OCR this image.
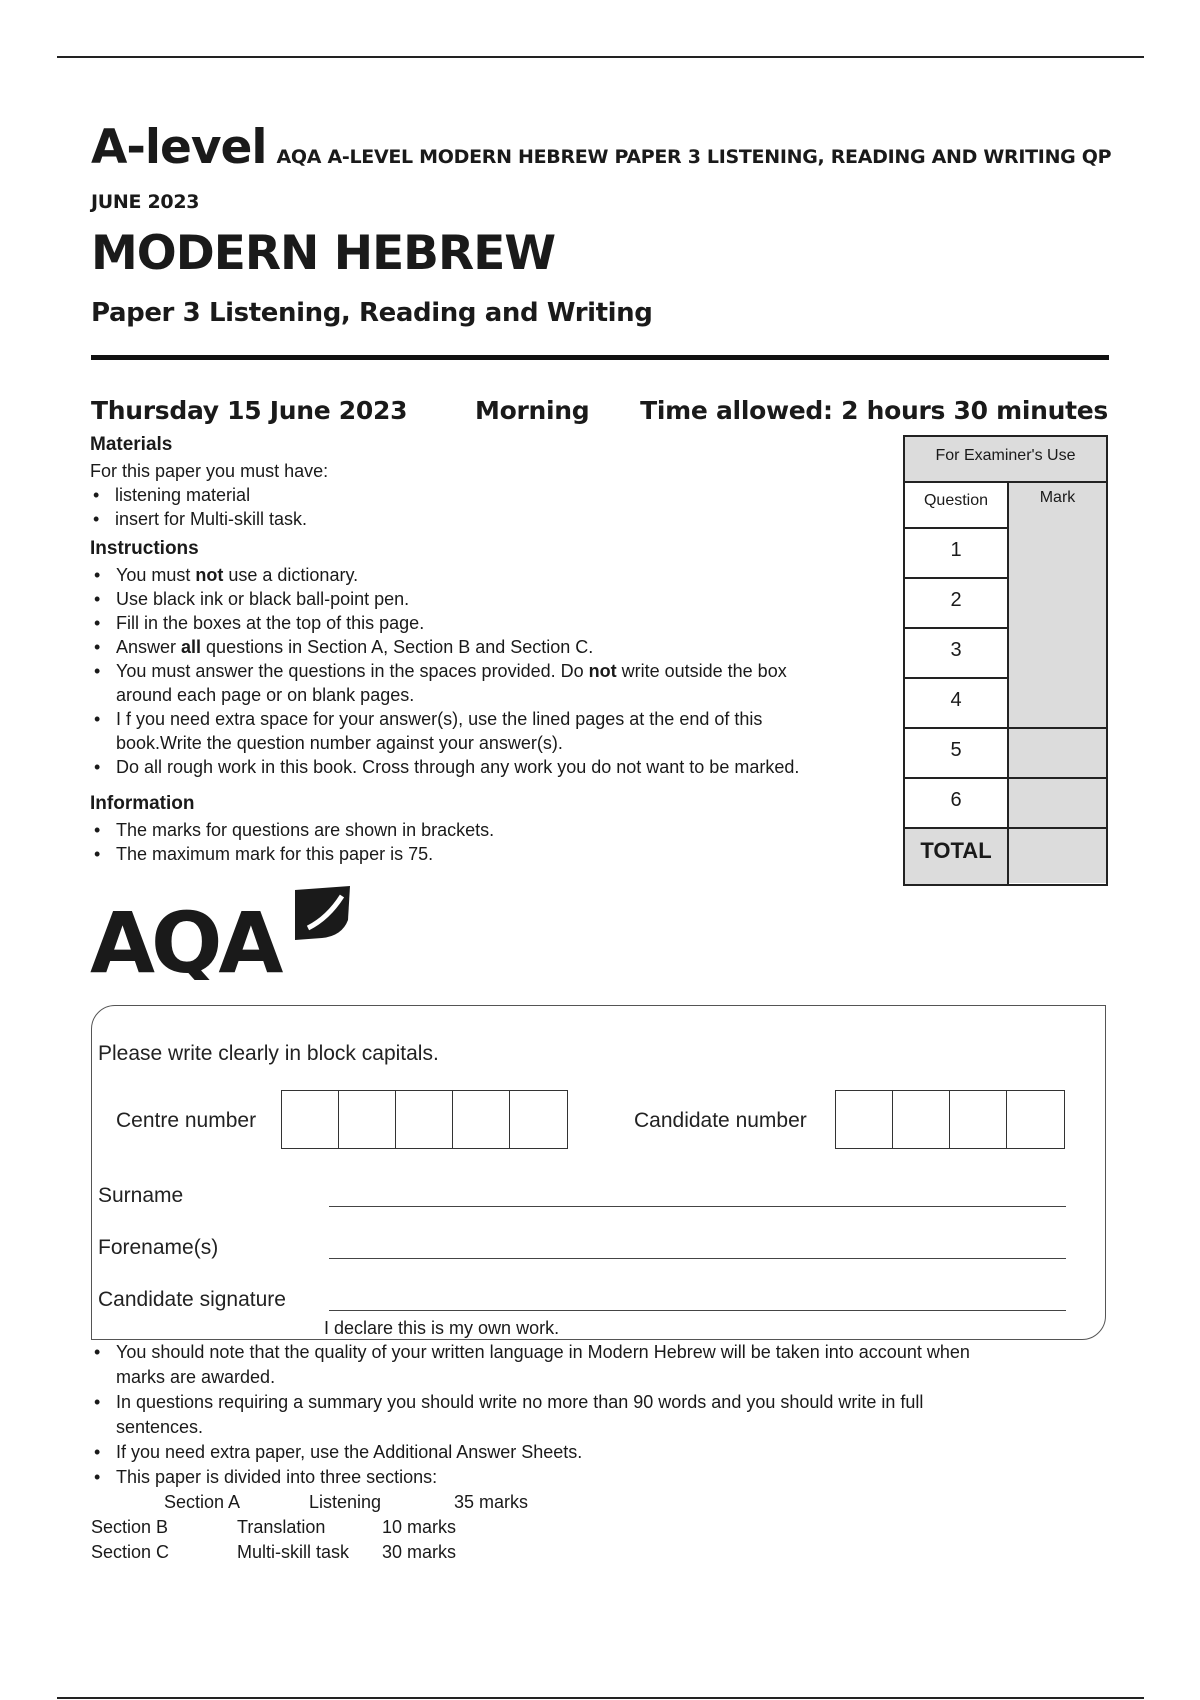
A-level AQA A-LEVEL MODERN HEBREW PAPER 3 LISTENING, READING AND WRITING QP
JUNE 2023
MODERN HEBREW
Paper 3 Listening, Reading and Writing
Thursday 15 June 2023	Morning Time allowed: 2 hours 30 minutes
Materials
For this paper you must have:
• listening material
• insert for Multi-skill task.
Instructions
• You must not use a dictionary.
• Use black ink or black ball-point pen.
• Fill in the boxes at the top of this page.
• Answer all questions in Section A, Section B and Section C.
• You must answer the questions in the spaces provided. Do not write outside the box
around each page or on blank pages.
• I f you need extra space for your answer(s), use the lined pages at the end of this
book.Write the question number against your answer(s).
• Do all rough work in this book. Cross through any work you do not want to be marked.
Information
• The marks for questions are shown in brackets.
• The maximum mark for this paper is 75.
For Examiner's Use
Question	Mark
1
2
3
4
5
6
TOTAL
AQA
Please write clearly in block capitals.
Centre number	Candidate number
Surname
Forename(s)
Candidate signature
I declare this is my own work.
• You should note that the quality of your written language in Modern Hebrew will be taken into account when
marks are awarded.
• In questions requiring a summary you should write no more than 90 words and you should write in full
sentences.
• If you need extra paper, use the Additional Answer Sheets.
• This paper is divided into three sections:
Section A	Listening	35 marks
Section B	Translation	10 marks
Section C	Multi-skill task 30 marks
